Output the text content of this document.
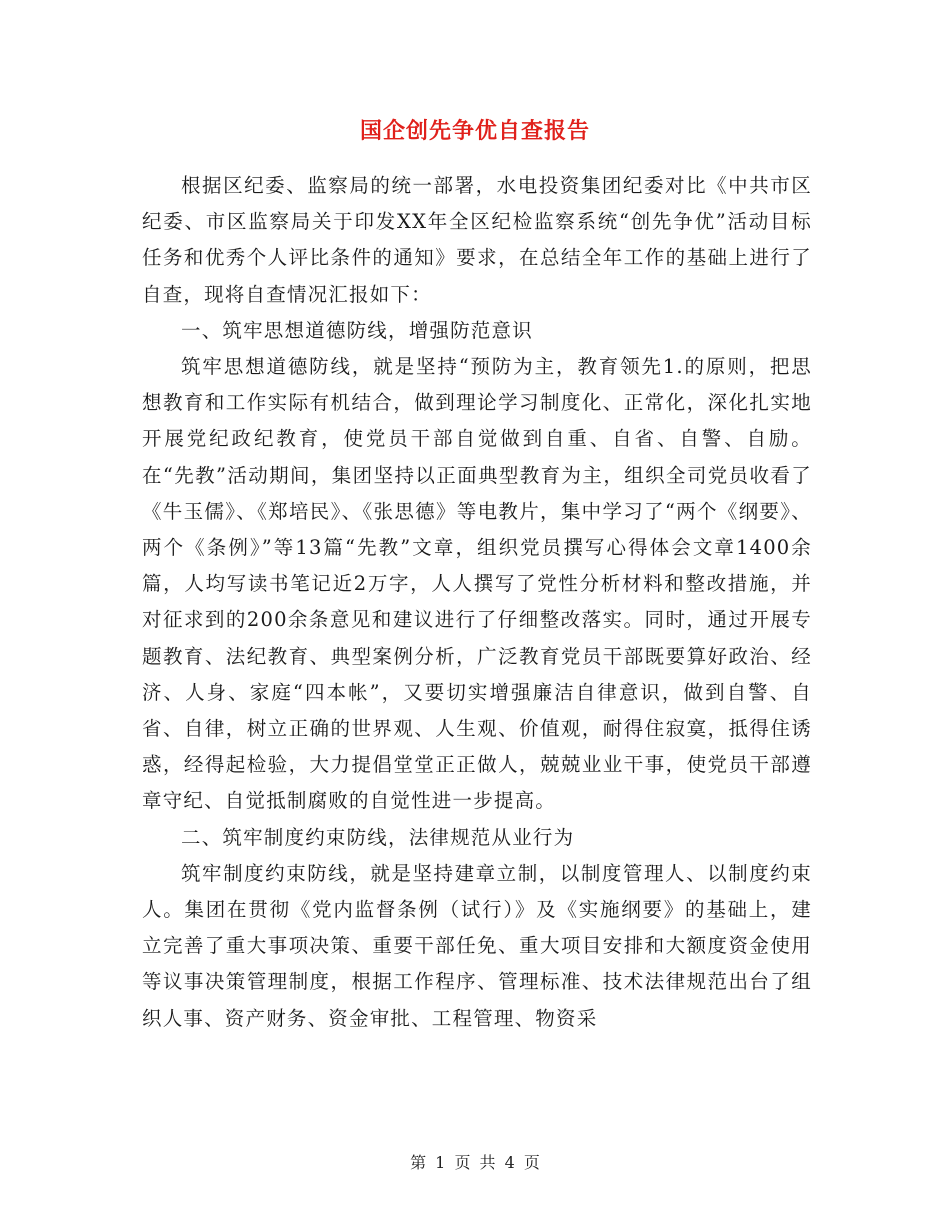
国企创先争优自查报告

根据区纪委、监察局的统一部署，水电投资集团纪委对比《中共市区纪委、市区监察局关于印发XX年全区纪检监察系统“创先争优”活动目标任务和优秀个人评比条件的通知》要求，在总结全年工作的基础上进行了自查，现将自查情况汇报如下：

一、筑牢思想道德防线，增强防范意识

筑牢思想道德防线，就是坚持“预防为主，教育领先1.的原则，把思想教育和工作实际有机结合，做到理论学习制度化、正常化，深化扎实地开展党纪政纪教育，使党员干部自觉做到自重、自省、自警、自励。在“先教”活动期间，集团坚持以正面典型教育为主，组织全司党员收看了《牛玉儒》、《郑培民》、《张思德》等电教片，集中学习了“两个《纲要》、两个《条例》”等13篇“先教”文章，组织党员撰写心得体会文章1400余篇，人均写读书笔记近2万字，人人撰写了党性分析材料和整改措施，并对征求到的200余条意见和建议进行了仔细整改落实。同时，通过开展专题教育、法纪教育、典型案例分析，广泛教育党员干部既要算好政治、经济、人身、家庭“四本帐”，又要切实增强廉洁自律意识，做到自警、自省、自律，树立正确的世界观、人生观、价值观，耐得住寂寞，抵得住诱惑，经得起检验，大力提倡堂堂正正做人，兢兢业业干事，使党员干部遵章守纪、自觉抵制腐败的自觉性进一步提高。

二、筑牢制度约束防线，法律规范从业行为

筑牢制度约束防线，就是坚持建章立制，以制度管理人、以制度约束人。集团在贯彻《党内监督条例（试行）》及《实施纲要》的基础上，建立完善了重大事项决策、重要干部任免、重大项目安排和大额度资金使用等议事决策管理制度，根据工作程序、管理标准、技术法律规范出台了组织人事、资产财务、资金审批、工程管理、物资采

第 1 页 共 4 页
